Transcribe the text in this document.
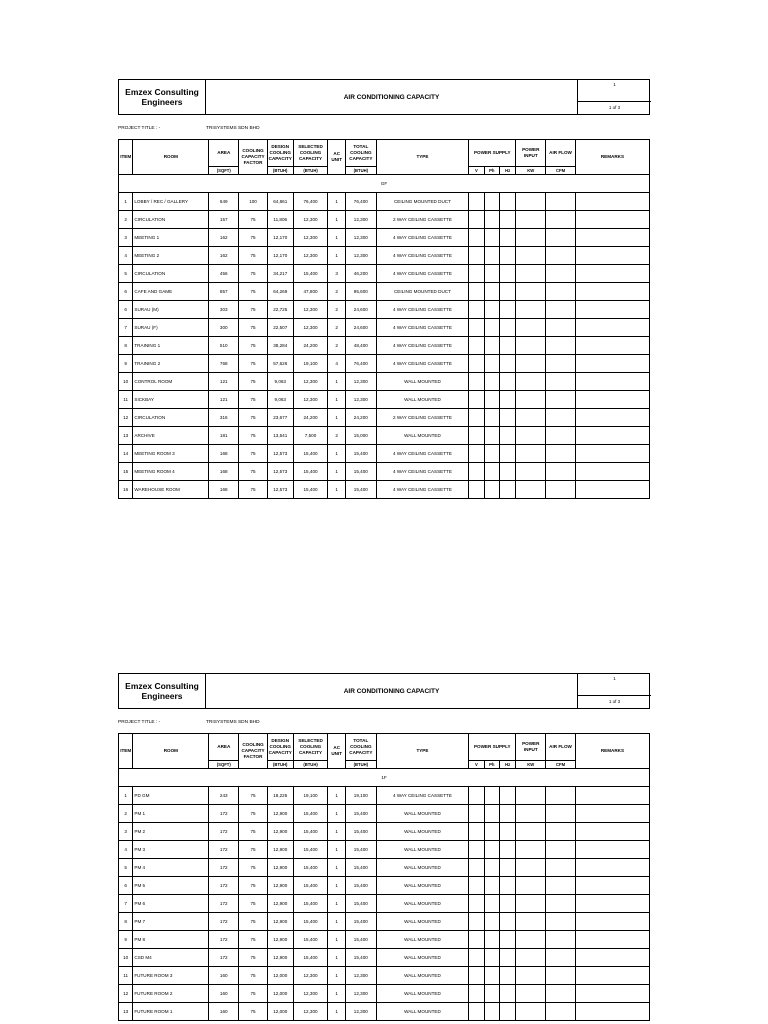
Emzex Consulting Engineers	AIR CONDITIONING CAPACITY
1
1 of 3
PROJECT TITLE : -	TRISYSTEMS SDN BHD
ITEM	ROOM	AREA	COOLING CAPACITY FACTOR	DESIGN COOLING CAPACITY	SELECTED COOLING CAPACITY	AC UNIT	TOTAL COOLING CAPACITY	TYPE	POWER SUPPLY			POWER INPUT	AIR FLOW	REMARKS
		(SQFT)		(BTUH)	(BTUH)		(BTUH)		V	Ph	Hz	KW	CFM	
GF														
1	LOBBY / REC / GALLERY	649	100	64,861	76,400	1	76,400	CEILING MOUNTED DUCT						
2	CIRCULATION	157	75	11,806	12,300	1	12,300	2 WAY CEILING CASSETTE						
3	MEETING 1	162	75	12,170	12,300	1	12,300	4 WAY CEILING CASSETTE						
4	MEETING 2	162	75	12,170	12,300	1	12,300	4 WAY CEILING CASSETTE						
5	CIRCULATION	456	75	34,217	15,400	3	46,200	4 WAY CEILING CASSETTE						
6	CAFE AND GAME	857	75	64,269	47,800	2	95,600	CEILING MOUNTED DUCT						
6	SURAU (M)	303	75	22,725	12,300	2	24,600	4 WAY CEILING CASSETTE						
7	SURAU (F)	300	75	22,507	12,300	2	24,600	4 WAY CEILING CASSETTE						
8	TRAINING 1	510	75	38,284	24,200	2	48,400	4 WAY CEILING CASSETTE						
9	TRAINING 2	768	75	57,626	19,100	4	76,400	4 WAY CEILING CASSETTE						
10	CONTROL ROOM	121	75	9,063	12,300	1	12,300	WALL MOUNTED						
11	SICKBAY	121	75	9,063	12,300	1	12,300	WALL MOUNTED						
12	CIRCULATION	316	75	23,677	24,200	1	24,200	2 WAY CEILING CASSETTE						
13	ARCHIVE	181	75	13,541	7,500	2	15,000	WALL MOUNTED						
14	MEETING ROOM 3	168	75	12,573	15,400	1	15,400	4 WAY CEILING CASSETTE						
15	MEETING ROOM 4	168	75	12,573	15,400	1	15,400	4 WAY CEILING CASSETTE						
16	WAREHOUSE ROOM	168	75	12,573	15,400	1	15,400	4 WAY CEILING CASSETTE						
Emzex Consulting Engineers	AIR CONDITIONING CAPACITY
1
1 of 3
PROJECT TITLE : -	TRISYSTEMS SDN BHD
ITEM	ROOM	AREA	COOLING CAPACITY FACTOR	DESIGN COOLING CAPACITY	SELECTED COOLING CAPACITY	AC UNIT	TOTAL COOLING CAPACITY	TYPE	POWER SUPPLY			POWER INPUT	AIR FLOW	REMARKS
		(SQFT)		(BTUH)	(BTUH)		(BTUH)		V	Ph	Hz	KW	CFM	
1F														
1	PD GM	243	75	18,225	19,100	1	19,100	4 WAY CEILING CASSETTE						
2	PM 1	172	75	12,900	15,400	1	15,400	WALL MOUNTED						
3	PM 2	172	75	12,900	15,400	1	15,400	WALL MOUNTED						
4	PM 3	172	75	12,900	15,400	1	15,400	WALL MOUNTED						
5	PM 4	172	75	12,900	15,400	1	15,400	WALL MOUNTED						
6	PM 5	172	75	12,900	15,400	1	15,400	WALL MOUNTED						
7	PM 6	172	75	12,900	15,400	1	15,400	WALL MOUNTED						
8	PM 7	172	75	12,900	15,400	1	15,400	WALL MOUNTED						
9	PM 8	172	75	12,900	15,400	1	15,400	WALL MOUNTED						
10	CSD M4	172	75	12,900	15,400	1	15,400	WALL MOUNTED						
11	FUTURE ROOM 3	160	75	12,000	12,300	1	12,300	WALL MOUNTED						
12	FUTURE ROOM 2	160	75	12,000	12,300	1	12,300	WALL MOUNTED						
13	FUTURE ROOM 1	160	75	12,000	12,300	1	12,300	WALL MOUNTED						
